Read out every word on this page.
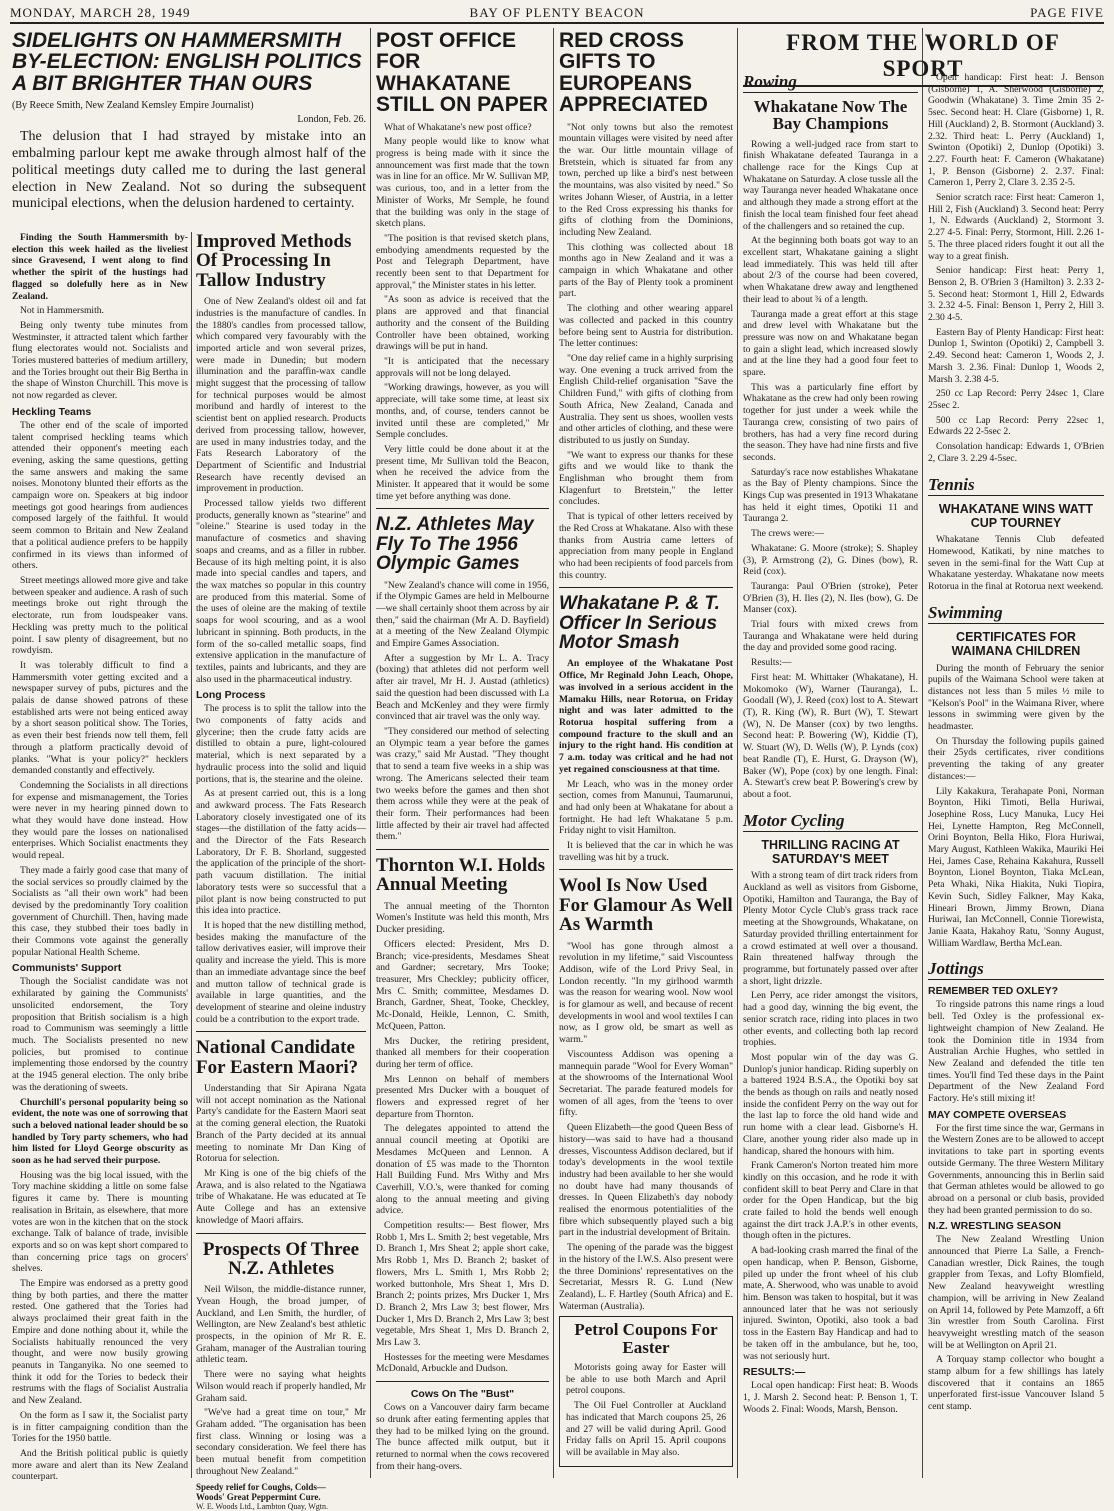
MONDAY, MARCH 28, 1949	BAY OF PLENTY BEACON	PAGE FIVE
SIDELIGHTS ON HAMMERSMITH BY-ELECTION: ENGLISH POLITICS A BIT BRIGHTER THAN OURS
(By Reece Smith, New Zealand Kemsley Empire Journalist)
London, Feb. 26.

The delusion that I had strayed by mistake into an embalming parlour kept me awake through almost half of the political meetings duty called me to during the last general election in New Zealand. Not so during the subsequent municipal elections, when the delusion hardened to certainty.

Finding the South Hammersmith by-election this week hailed as the liveliest since Gravesend, I went along to find whether the spirit of the hustings had flagged so dolefully here as in New Zealand.

Not in Hammersmith.

Being only twenty tube minutes from Westminster, it attracted talent which farther flung electorates would not. Socialists and Tories mustered batteries of medium artillery, and the Tories brought out their Big Bertha in the shape of Winston Churchill. This move is not now regarded as clever.

Heckling Teams

The other end of the scale of imported talent comprised heckling teams which attended their opponent's meeting each evening, asking the same questions, getting the same answers and making the same noises. Monotony blunted their efforts as the campaign wore on. Speakers at big indoor meetings got good hearings from audiences composed largely of the faithful. It would seem common to Britain and New Zealand that a political audience prefers to be happily confirmed in its views than informed of others.

Street meetings allowed more give and take between speaker and audience. A rash of such meetings broke out right through the electorate, run from loudspeaker vans. Heckling was pretty much to the political point. I saw plenty of disagreement, but no rowdyism.

It was tolerably difficult to find a Hammersmith voter getting excited and a newspaper survey of pubs, pictures and the palais de danse showed patrons of these established arts were not being enticed away by a short season political show. The Tories, as even their best friends now tell them, fell through a platform practically devoid of planks. "What is your policy?" hecklers demanded constantly and effectively.

Condemning the Socialists in all directions for expense and mismanagement, the Tories were never in my hearing pinned down to what they would have done instead. How they would pare the losses on nationalised enterprises. Which Socialist enactments they would repeal.

They made a fairly good case that many of the social services so proudly claimed by the Socialists as "all their own work" had been devised by the predominantly Tory coalition government of Churchill. Then, having made this case, they stubbed their toes badly in their Commons vote against the generally popular National Health Scheme.

Communists' Support

Though the Socialist candidate was not exhilarated by gaining the Communists' unsolicited endorsement, the Tory proposition that British socialism is a high road to Communism was seemingly a little much. The Socialists presented no new policies, but promised to continue implementing those endorsed by the country at the 1945 general election. The only bribe was the derationing of sweets.

Churchill's personal popularity being so evident, the note was one of sorrowing that such a beloved national leader should be so handled by Tory party schemers, who had him listed for Lloyd George obscurity as soon as he had served their purpose.

Housing was the big local issued, with the Tory machine skidding a little on some false figures it came by. There is mounting realisation in Britain, as elsewhere, that more votes are won in the kitchen that on the stock exchange. Talk of balance of trade, invisible exports and so on was kept short compared to than concerning price tags on grocers' shelves.

The Empire was endorsed as a pretty good thing by both parties, and there the matter rested. One gathered that the Tories had always proclaimed their great faith in the Empire and done nothing about it, while the Socialists habitually renounced the very thought, and were now busily growing peanuts in Tanganyika. No one seemed to think it odd for the Tories to bedeck their restrums with the flags of Socialist Australia and New Zealand.

On the form as I saw it, the Socialist party is in fitter campaigning condition than the Tories for the 1950 battle.

And the British political public is quietly more aware and alert than its New Zealand counterpart.

Improved Methods Of Processing In Tallow Industry

One of New Zealand's oldest oil and fat industries is the manufacture of candles. In the 1880's candles from processed tallow, which compared very favourably with the imported article and won several prizes, were made in Dunedin; but modern illumination and the paraffin-wax candle might suggest that the processing of tallow for technical purposes would be almost moribund and hardly of interest to the scientist bent on applied research. Products derived from processing tallow, however, are used in many industries today, and the Fats Research Laboratory of the Department of Scientific and Industrial Research have recently devised an improvement in production.

Processed tallow yields two different products, generally known as "stearine" and "oleine." Stearine is used today in the manufacture of cosmetics and shaving soaps and creams, and as a filler in rubber. Because of its high melting point, it is also made into special candles and tapers, and the wax matches so popular in this country are produced from this material. Some of the uses of oleine are the making of textile soaps for wool scouring, and as a wool lubricant in spinning. Both products, in the form of the so-called metallic soaps, find extensive application in the manufacture of textiles, paints and lubricants, and they are also used in the pharmaceutical industry.

Long Process

The process is to split the tallow into the two components of fatty acids and glycerine; then the crude fatty acids are distilled to obtain a pure, light-coloured material, which is next separated by a hydraulic process into the solid and liquid portions, that is, the stearine and the oleine.

As at present carried out, this is a long and awkward process. The Fats Research Laboratory closely investigated one of its stages—the distillation of the fatty acids—and the Director of the Fats Research Laboratory, Dr F. B. Shorland, suggested the application of the principle of the short-path vacuum distillation. The initial laboratory tests were so successful that a pilot plant is now being constructed to put this idea into practice.

It is hoped that the new distilling method, besides making the manufacture of the tallow derivatives easier, will improve their quality and increase the yield. This is more than an immediate advantage since the beef and mutton tallow of technical grade is available in large quantities, and the development of stearine and oleine industry could be a contribution to the export trade.

National Candidate For Eastern Maori?

Understanding that Sir Apirana Ngata will not accept nomination as the National Party's candidate for the Eastern Maori seat at the coming general election, the Ruatoki Branch of the Party decided at its annual meeting to nominate Mr Dan King of Rotorua for selection.

Mr King is one of the big chiefs of the Arawa, and is also related to the Ngatiawa tribe of Whakatane. He was educated at Te Aute College and has an extensive knowledge of Maori affairs.

Prospects Of Three N.Z. Athletes

Neil Wilson, the middle-distance runner, Yvean Hough, the broad jumper, of Auckland, and Len Smith, the hurdler, of Wellington, are New Zealand's best athletic prospects, in the opinion of Mr R. E. Graham, manager of the Australian touring athletic team.

There were no saying what heights Wilson would reach if properly handled, Mr Graham said.

"We've had a great time on tour," Mr Graham added. "The organisation has been first class. Winning or losing was a secondary consideration. We feel there has been mutual benefit from competition throughout New Zealand."

Speedy relief for Coughs, Colds—
Woods' Great Peppermint Cure.
W. E. Woods Ltd., Lambton Quay, Wgtn.
POST OFFICE FOR WHAKATANE STILL ON PAPER

What of Whakatane's new post office?

Many people would like to know what progress is being made with it since the announcement was first made that the town was in line for an office. Mr W. Sullivan MP, was curious, too, and in a letter from the Minister of Works, Mr Semple, he found that the building was only in the stage of sketch plans.

"The position is that revised sketch plans, embodying amendments requested by the Post and Telegraph Department, have recently been sent to that Department for approval," the Minister states in his letter.

"As soon as advice is received that the plans are approved and that financial authority and the consent of the Building Controller have been obtained, working drawings will be put in hand.

"It is anticipated that the necessary approvals will not be long delayed.

"Working drawings, however, as you will appreciate, will take some time, at least six months, and, of course, tenders cannot be invited until these are completed," Mr Semple concludes.

Very little could be done about it at the present time, Mr Sullivan told the Beacon, when he received the advice from the Minister. It appeared that it would be some time yet before anything was done.

N.Z. Athletes May Fly To The 1956 Olympic Games

"New Zealand's chance will come in 1956, if the Olympic Games are held in Melbourne—we shall certainly shoot them across by air then," said the chairman (Mr A. D. Bayfield) at a meeting of the New Zealand Olympic and Empire Games Association.

After a suggestion by Mr L. A. Tracy (boxing) that athletes did not perform well after air travel, Mr H. J. Austad (athletics) said the question had been discussed with La Beach and McKenley and they were firmly convinced that air travel was the only way.

"They considered our method of selecting an Olympic team a year before the games was crazy," said Mr Austad. "They thought that to send a team five weeks in a ship was wrong. The Americans selected their team two weeks before the games and then shot them across while they were at the peak of their form. Their performances had been little affected by their air travel had affected them."

Thornton W.I. Holds Annual Meeting

The annual meeting of the Thornton Women's Institute was held this month, Mrs Ducker presiding.

Officers elected: President, Mrs D. Branch; vice-presidents, Mesdames Sheat and Gardner; secretary, Mrs Tooke; treasurer, Mrs Checkley; publicity officer, Mrs C. Smith; committee, Mesdames D. Branch, Gardner, Sheat, Tooke, Checkley, Mc-Donald, Heikle, Lennon, C. Smith, McQueen, Patton.

Mrs Ducker, the retiring president, thanked all members for their cooperation during her term of office.

Mrs Lennon on behalf of members presented Mrs Ducker with a bouquet of flowers and expressed regret of her departure from Thornton.

The delegates appointed to attend the annual council meeting at Opotiki are Mesdames McQueen and Lennon. A donation of £5 was made to the Thornton Hall Building Fund. Mrs Withy and Mrs Caverhill, V.O.'s, were thanked for coming along to the annual meeting and giving advice.

Competition results:— Best flower, Mrs Robb 1, Mrs L. Smith 2; best vegetable, Mrs D. Branch 1, Mrs Sheat 2; apple short cake, Mrs Robb 1, Mrs D. Branch 2; basket of flowers, Mrs L. Smith 1, Mrs Robb 2; worked buttonhole, Mrs Sheat 1, Mrs D. Branch 2; points prizes, Mrs Ducker 1, Mrs D. Branch 2, Mrs Law 3; best flower, Mrs Ducker 1, Mrs D. Branch 2, Mrs Law 3; best vegetable, Mrs Sheat 1, Mrs D. Branch 2, Mrs Law 3.

Hostesses for the meeting were Mesdames McDonald, Arbuckle and Dudson.

Cows On The "Bust"

Cows on a Vancouver dairy farm became so drunk after eating fermenting apples that they had to be milked lying on the ground. The bunce affected milk output, but it returned to normal when the cows recovered from their hang-overs.

RED CROSS GIFTS TO EUROPEANS APPRECIATED

"Not only towns but also the remotest mountain villages were visited by need after the war. Our little mountain village of Bretstein, which is situated far from any town, perched up like a bird's nest between the mountains, was also visited by need." So writes Johann Wieser, of Austria, in a letter to the Red Cross expressing his thanks for gifts of clothing from the Dominions, including New Zealand.

This clothing was collected about 18 months ago in New Zealand and it was a campaign in which Whakatane and other parts of the Bay of Plenty took a prominent part.

The clothing and other wearing apparel was collected and packed in this country before being sent to Austria for distribution. The letter continues:

"One day relief came in a highly surprising way. One evening a truck arrived from the English Child-relief organisation "Save the Children Fund," with gifts of clothing from South Africa, New Zealand, Canada and Australia. They sent us shoes, woollen vests and other articles of clothing, and these were distributed to us justly on Sunday.

"We want to express our thanks for these gifts and we would like to thank the Englishman who brought them from Klagenfurt to Bretstein," the letter concludes.

That is typical of other letters received by the Red Cross at Whakatane. Also with these thanks from Austria came letters of appreciation from many people in England who had been recipients of food parcels from this country.

Whakatane P. & T. Officer In Serious Motor Smash

An employee of the Whakatane Post Office, Mr Reginald John Leach, Ohope, was involved in a serious accident in the Mamaku Hills, near Rotorua, on Friday night and was later admitted to the Rotorua hospital suffering from a compound fracture to the skull and an injury to the right hand. His condition at 7 a.m. today was critical and he had not yet regained consciousness at that time.

Mr Leach, who was in the money order section, comes from Manunui, Taumarunui, and had only been at Whakatane for about a fortnight. He had left Whakatane 5 p.m. Friday night to visit Hamilton.

It is believed that the car in which he was travelling was hit by a truck.

Wool Is Now Used For Glamour As Well As Warmth

"Wool has gone through almost a revolution in my lifetime," said Viscountess Addison, wife of the Lord Privy Seal, in London recently. "In my girlhood warmth was the reason for wearing wool. Now wool is for glamour as well, and because of recent developments in wool and wool textiles I can now, as I grow old, be smart as well as warm."

Viscountess Addison was opening a mannequin parade "Wool for Every Woman" at the showrooms of the International Wool Secretariat. The parade featured models for women of all ages, from the 'teens to over fifty.

Queen Elizabeth—the good Queen Bess of history—was said to have had a thousand dresses, Viscountess Addison declared, but if today's developments in the wool textile industry had been available to her she would no doubt have had many thousands of dresses. In Queen Elizabeth's day nobody realised the enormous potentialities of the fibre which subsequently played such a big part in the industrial development of Britain.

The opening of the parade was the biggest in the history of the I.W.S. Also present were the three Dominions' representatives on the Secretariat, Messrs R. G. Lund (New Zealand), L. F. Hartley (South Africa) and E. Waterman (Australia).

Petrol Coupons For Easter

Motorists going away for Easter will be able to use both March and April petrol coupons.

The Oil Fuel Controller at Auckland has indicated that March coupons 25, 26 and 27 will be valid during April. Good Friday falls on April 15. April coupons will be available in May also.

FROM THE WORLD OF SPORT
Rowing
Whakatane Now The Bay Champions

Rowing a well-judged race from start to finish Whakatane defeated Tauranga in a challenge race for the Kings Cup at Whakatane on Saturday. A close tussle all the way Tauranga never headed Whakatane once and although they made a strong effort at the finish the local team finished four feet ahead of the challengers and so retained the cup.

At the beginning both boats got way to an excellent start, Whakatane gaining a slight lead immediately. This was held till after about 2/3 of the course had been covered, when Whakatane drew away and lengthened their lead to about ¾ of a length.

Tauranga made a great effort at this stage and drew level with Whakatane but the pressure was now on and Whakatane began to gain a slight lead, which increased slowly and at the line they had a good four feet to spare.

This was a particularly fine effort by Whakatane as the crew had only been rowing together for just under a week while the Tauranga crew, consisting of two pairs of brothers, has had a very fine record during the season. They have had nine firsts and five seconds.

Saturday's race now establishes Whakatane as the Bay of Plenty champions. Since the Kings Cup was presented in 1913 Whakatane has held it eight times, Opotiki 11 and Tauranga 2.

The crews were:—

Whakatane: G. Moore (stroke); S. Shapley (3), P. Armstrong (2), G. Dines (bow), R. Reid (cox).

Tauranga: Paul O'Brien (stroke), Peter O'Brien (3), H. Iles (2), N. Iles (bow), G. De Manser (cox).

Trial fours with mixed crews from Tauranga and Whakatane were held during the day and provided some good racing.

Results:—

First heat: M. Whittaker (Whakatane), H. Mokomoko (W), Warner (Tauranga), L. Goodall (W), J. Reed (cox) lost to A. Stewart (T), R. King (W), R. Burt (W), T. Stewart (W), N. De Manser (cox) by two lengths. Second heat: P. Bowering (W), Kiddie (T), W. Stuart (W), D. Wells (W), P. Lynds (cox) beat Randle (T), E. Hurst, G. Drayson (W), Baker (W), Pope (cox) by one length. Final: A. Stewart's crew beat P. Bowering's crew by about a foot.

Motor Cycling
THRILLING RACING AT SATURDAY'S MEET

With a strong team of dirt track riders from Auckland as well as visitors from Gisborne, Opotiki, Hamilton and Tauranga, the Bay of Plenty Motor Cycle Club's grass track race meeting at the Showgrounds, Whakatane, on Saturday provided thrilling entertainment for a crowd estimated at well over a thousand. Rain threatened halfway through the programme, but fortunately passed over after a short, light drizzle.

Len Perry, ace rider amongst the visitors, had a good day, winning the big event, the senior scratch race, riding into places in two other events, and collecting both lap record trophies.

Most popular win of the day was G. Dunlop's junior handicap. Riding superbly on a battered 1924 B.S.A., the Opotiki boy sat the bends as though on rails and neatly nosed inside the confident Perry on the way out for the last lap to force the old hand wide and run home with a clear lead. Gisborne's H. Clare, another young rider also made up in handicap, shared the honours with him.

Frank Cameron's Norton treated him more kindly on this occasion, and he rode it with confident skill to beat Perry and Clare in that order for the Open Handicap, but the big crate failed to hold the bends well enough against the dirt track J.A.P.'s in other events, though often in the pictures.

A bad-looking crash marred the final of the open handicap, when P. Benson, Gisborne, piled up under the front wheel of his club mate, A. Sherwood, who was unable to avoid him. Benson was taken to hospital, but it was announced later that he was not seriously injured. Swinton, Opotiki, also took a bad toss in the Eastern Bay Handicap and had to be taken off in the ambulance, but he, too, was not seriously hurt.

RESULTS:—

Local open handicap: First heat: B. Woods 1, J. Marsh 2. Second heat: P. Benson 1, T. Woods 2. Final: Woods, Marsh, Benson.

Open handicap: First heat: J. Benson (Gisborne) 1, A. Sherwood (Gisborne) 2, Goodwin (Whakatane) 3. Time 2min 35 2-5sec. Second heat: H. Clare (Gisborne) 1, R. Hill (Auckland) 2, B. Stormont (Auckland) 3. 2.32. Third heat: L. Perry (Auckland) 1, Swinton (Opotiki) 2, Dunlop (Opotiki) 3. 2.27. Fourth heat: F. Cameron (Whakatane) 1, P. Benson (Gisborne) 2. 2.37. Final: Cameron 1, Perry 2, Clare 3. 2.35 2-5.

Senior scratch race: First heat: Cameron 1, Hill 2, Fish (Auckland) 3. Second heat: Perry 1, N. Edwards (Auckland) 2, Stormont 3. 2.27 4-5. Final: Perry, Stormont, Hill. 2.26 1-5. The three placed riders fought it out all the way to a great finish.

Senior handicap: First heat: Perry 1, Benson 2, B. O'Brien 3 (Hamilton) 3. 2.33 2-5. Second heat: Stormont 1, Hill 2, Edwards 3. 2.32 4-5. Final: Benson 1, Perry 2, Hill 3. 2.30 4-5.

Eastern Bay of Plenty Handicap: First heat: Dunlop 1, Swinton (Opotiki) 2, Campbell 3. 2.49. Second heat: Cameron 1, Woods 2, J. Marsh 3. 2.36. Final: Dunlop 1, Woods 2, Marsh 3. 2.38 4-5.

250 cc Lap Record: Perry 24sec 1, Clare 25sec 2.

500 cc Lap Record: Perry 22sec 1, Edwards 22 2-5sec 2.

Consolation handicap: Edwards 1, O'Brien 2, Clare 3. 2.29 4-5sec.

Tennis
WHAKATANE WINS WATT CUP TOURNEY

Whakatane Tennis Club defeated Homewood, Katikati, by nine matches to seven in the semi-final for the Watt Cup at Whakatane yesterday. Whakatane now meets Rotorua in the final at Rotorua next weekend.

Swimming
CERTIFICATES FOR WAIMANA CHILDREN

During the month of February the senior pupils of the Waimana School were taken at distances not less than 5 miles ½ mile to "Kelson's Pool" in the Waimana River, where lessons in swimming were given by the headmaster.

On Thursday the following pupils gained their 25yds certificates, river conditions preventing the taking of any greater distances:—

Lily Kakakura, Terahapate Poni, Norman Boynton, Hiki Timoti, Bella Huriwai, Josephine Ross, Lucy Manuka, Lucy Hei Hei, Lynette Hampton, Reg McConnell, Orini Boynton, Bella Hiko, Flora Huriwai, Mary August, Kathleen Wakika, Mauriki Hei Hei, James Case, Rehaina Kakahura, Russell Boynton, Lionel Boynton, Tiaka McLean, Peta Whaki, Nika Hiakita, Nuki Tiopira, Kevin Such, Sidley Falkner, May Kaka, Hineari Brown, Jimmy Brown, Diana Huriwai, Ian McConnell, Connie Tiorewista, Janie Kaata, Hakahoy Ratu, 'Sonny August, William Wardlaw, Bertha McLean.

Jottings
REMEMBER TED OXLEY?

To ringside patrons this name rings a loud bell. Ted Oxley is the professional ex-lightweight champion of New Zealand. He took the Dominion title in 1934 from Australian Archie Hughes, who settled in New Zealand and defended the title ten times. You'll find Ted these days in the Paint Department of the New Zealand Ford Factory. He's still mixing it!

MAY COMPETE OVERSEAS

For the first time since the war, Germans in the Western Zones are to be allowed to accept invitations to take part in sporting events outside Germany. The three Western Military Governments, announcing this in Berlin said that German athletes would be allowed to go abroad on a personal or club basis, provided they had been granted permission to do so.

N.Z. WRESTLING SEASON

The New Zealand Wrestling Union announced that Pierre La Salle, a French-Canadian wrestler, Dick Raines, the tough grappler from Texas, and Lofty Blomfield, New Zealand heavyweight wrestling champion, will be arriving in New Zealand on April 14, followed by Pete Mamzoff, a 6ft 3in wrestler from South Carolina. First heavyweight wrestling match of the season will be at Wellington on April 21.

A Torquay stamp collector who bought a stamp album for a few shillings has lately discovered that it contains an 1865 unperforated first-issue Vancouver Island 5 cent stamp.
